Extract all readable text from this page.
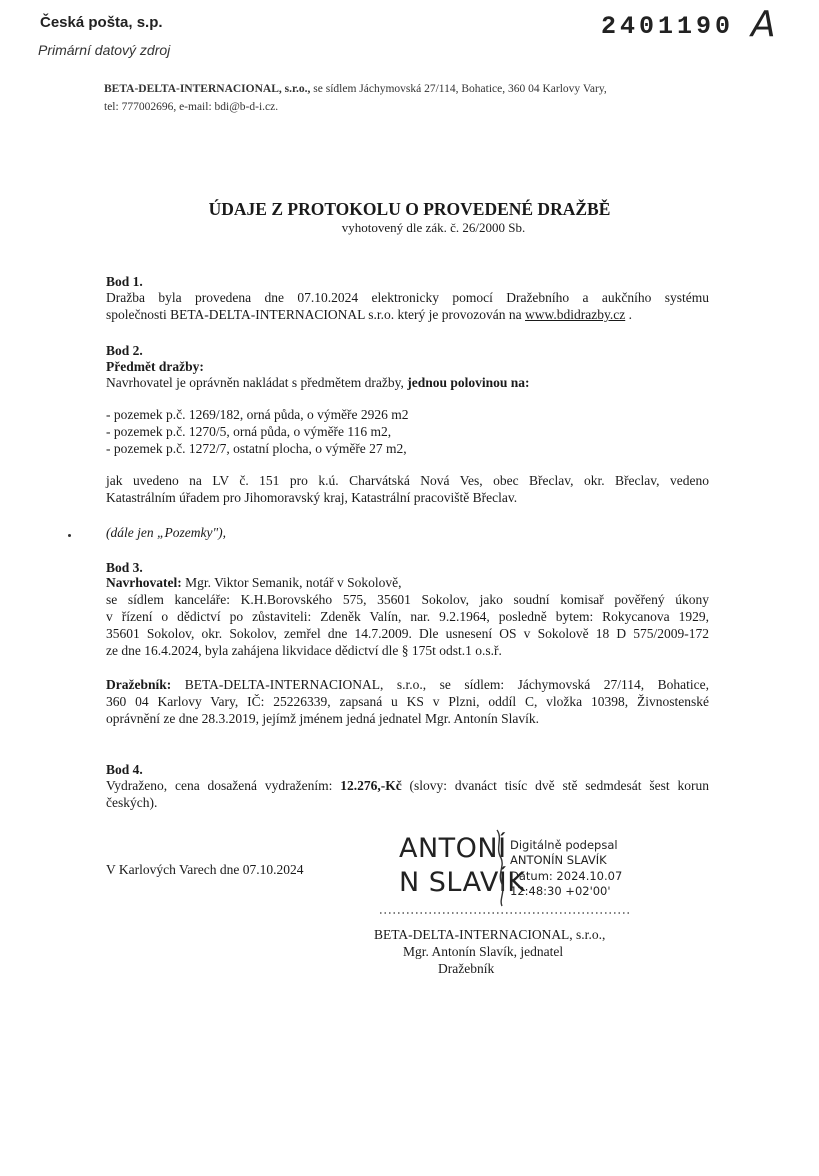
Česká pošta, s.p.
Primární datový zdroj
2401190 A
BETA-DELTA-INTERNACIONAL, s.r.o., se sídlem Jáchymovská 27/114, Bohatice, 360 04 Karlovy Vary,
tel: 777002696, e-mail: bdi@b-d-i.cz.
ÚDAJE Z PROTOKOLU O PROVEDENÉ DRAŽBĚ
vyhotovený dle zák. č. 26/2000 Sb.
Bod 1.
Dražba byla provedena dne 07.10.2024 elektronicky pomocí Dražebního a aukčního systému
společnosti BETA-DELTA-INTERNACIONAL s.r.o. který je provozován na www.bdidrazby.cz .
Bod 2.
Předmět dražby:
Navrhovatel je oprávněn nakládat s předmětem dražby, jednou polovinou na:
- pozemek p.č. 1269/182, orná půda, o výměře 2926 m2
- pozemek p.č. 1270/5, orná půda, o výměře 116 m2,
- pozemek p.č. 1272/7, ostatní plocha, o výměře 27 m2,
jak uvedeno na LV č. 151 pro k.ú. Charvátská Nová Ves, obec Břeclav, okr. Břeclav, vedeno
Katastrálním úřadem pro Jihomoravský kraj, Katastrální pracoviště Břeclav.
(dále jen „Pozemky"),
Bod 3.
Navrhovatel: Mgr. Viktor Semanik, notář v Sokolově,
se sídlem kanceláře: K.H.Borovského 575, 35601 Sokolov, jako soudní komisař pověřený úkony
v řízení o dědictví po zůstaviteli: Zdeněk Valín, nar. 9.2.1964, posledně bytem: Rokycanova 1929,
35601 Sokolov, okr. Sokolov, zemřel dne 14.7.2009. Dle usnesení OS v Sokolově 18 D 575/2009-172
ze dne 16.4.2024, byla zahájena likvidace dědictví dle § 175t odst.1 o.s.ř.
Dražebník: BETA-DELTA-INTERNACIONAL, s.r.o., se sídlem: Jáchymovská 27/114, Bohatice,
360 04 Karlovy Vary, IČ: 25226339, zapsaná u KS v Plzni, oddíl C, vložka 10398, Živnostenské
oprávnění ze dne 28.3.2019, jejímž jménem jedná jednatel Mgr. Antonín Slavík.
Bod 4.
Vydraženo, cena dosažená vydražením: 12.276,-Kč (slovy: dvanáct tisíc dvě stě sedmdesát šest korun
českých).
V Karlových Varech dne 07.10.2024
ANTONÍ
N SLAVÍK
Digitálně podepsal
ANTONÍN SLAVÍK
Datum: 2024.10.07
12:48:30 +02'00'
BETA-DELTA-INTERNACIONAL, s.r.o.,
Mgr. Antonín Slavík, jednatel
Dražebník
